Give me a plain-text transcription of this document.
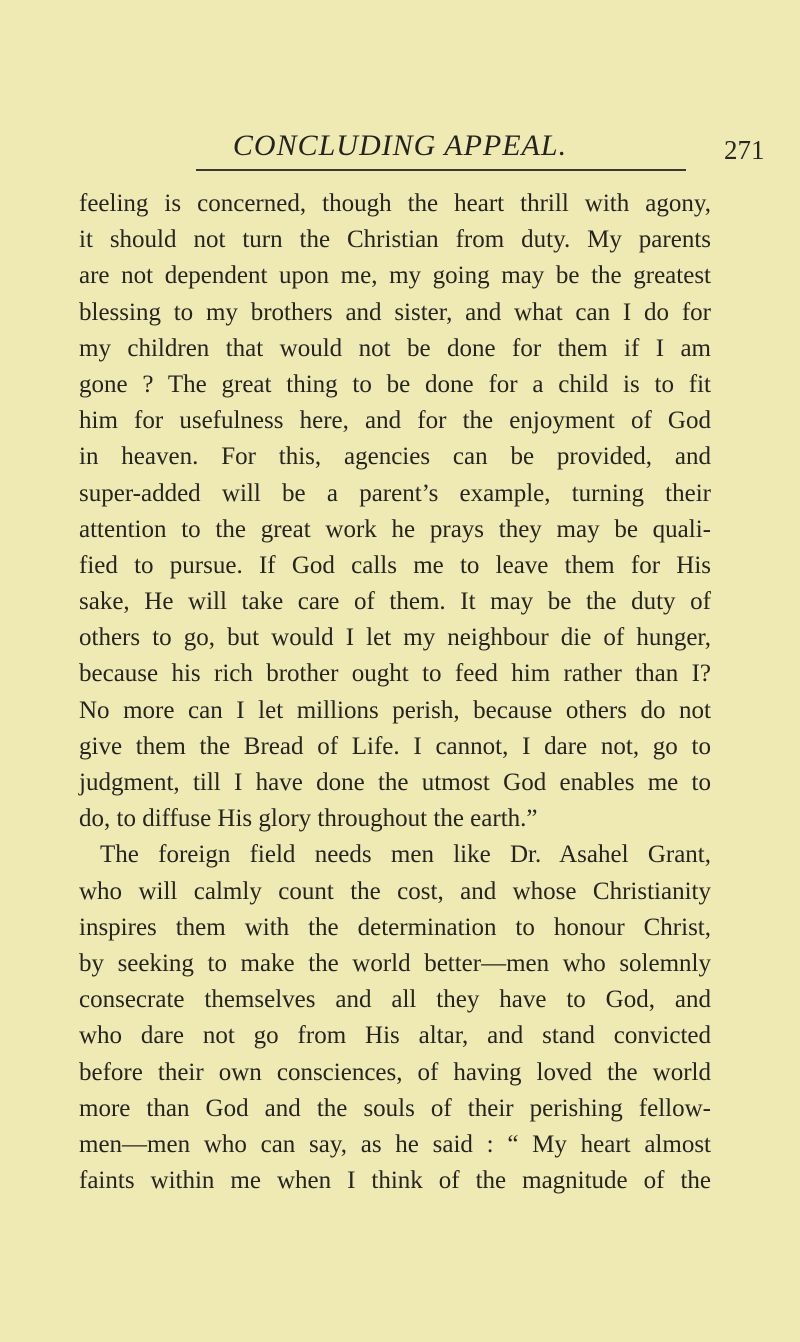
CONCLUDING APPEAL.	271
feeling is concerned, though the heart thrill with agony,
it should not turn the Christian from duty. My parents
are not dependent upon me, my going may be the greatest
blessing to my brothers and sister, and what can I do for
my children that would not be done for them if I am
gone ? The great thing to be done for a child is to fit
him for usefulness here, and for the enjoyment of God
in heaven. For this, agencies can be provided, and
super-added will be a parent’s example, turning their
attention to the great work he prays they may be quali-
fied to pursue. If God calls me to leave them for His
sake, He will take care of them. It may be the duty of
others to go, but would I let my neighbour die of hunger,
because his rich brother ought to feed him rather than I?
No more can I let millions perish, because others do not
give them the Bread of Life. I cannot, I dare not, go to
judgment, till I have done the utmost God enables me to
do, to diffuse His glory throughout the earth.”
The foreign field needs men like Dr. Asahel Grant,
who will calmly count the cost, and whose Christianity
inspires them with the determination to honour Christ,
by seeking to make the world better—men who solemnly
consecrate themselves and all they have to God, and
who dare not go from His altar, and stand convicted
before their own consciences, of having loved the world
more than God and the souls of their perishing fellow-
men—men who can say, as he said : “ My heart almost
faints within me when I think of the magnitude of the
